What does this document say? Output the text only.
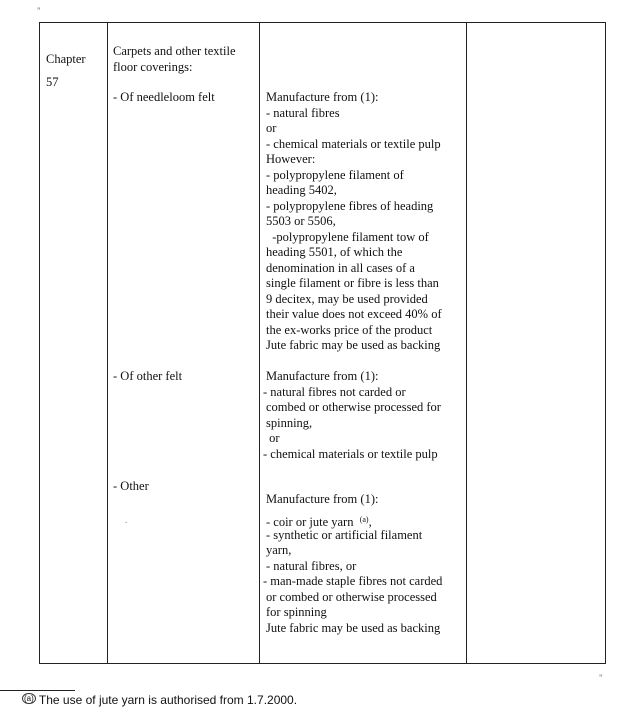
"
"
Chapter
57
Carpets and other textile
floor coverings:
- Of needleloom felt
- Of other felt
- Other
.
Manufacture from (1):
- natural fibres
or
- chemical materials or textile pulp
However:
- polypropylene filament of
heading 5402,
- polypropylene fibres of heading
5503 or 5506,
-polypropylene filament tow of
heading 5501, of which the
denomination in all cases of a
single filament or fibre is less than
9 decitex, may be used provided
their value does not exceed 40% of
the ex-works price of the product
Jute fabric may be used as backing
Manufacture from (1):
- natural fibres not carded or
combed or otherwise processed for
spinning,
or
- chemical materials or textile pulp
Manufacture from (1):
- coir or jute yarn $^{(a)}$,
- synthetic or artificial filament
yarn,
- natural fibres, or
- man-made staple fibres not carded
or combed or otherwise processed
for spinning
Jute fabric may be used as backing
$^{(a)}$ The use of jute yarn is authorised from 1.7.2000.
